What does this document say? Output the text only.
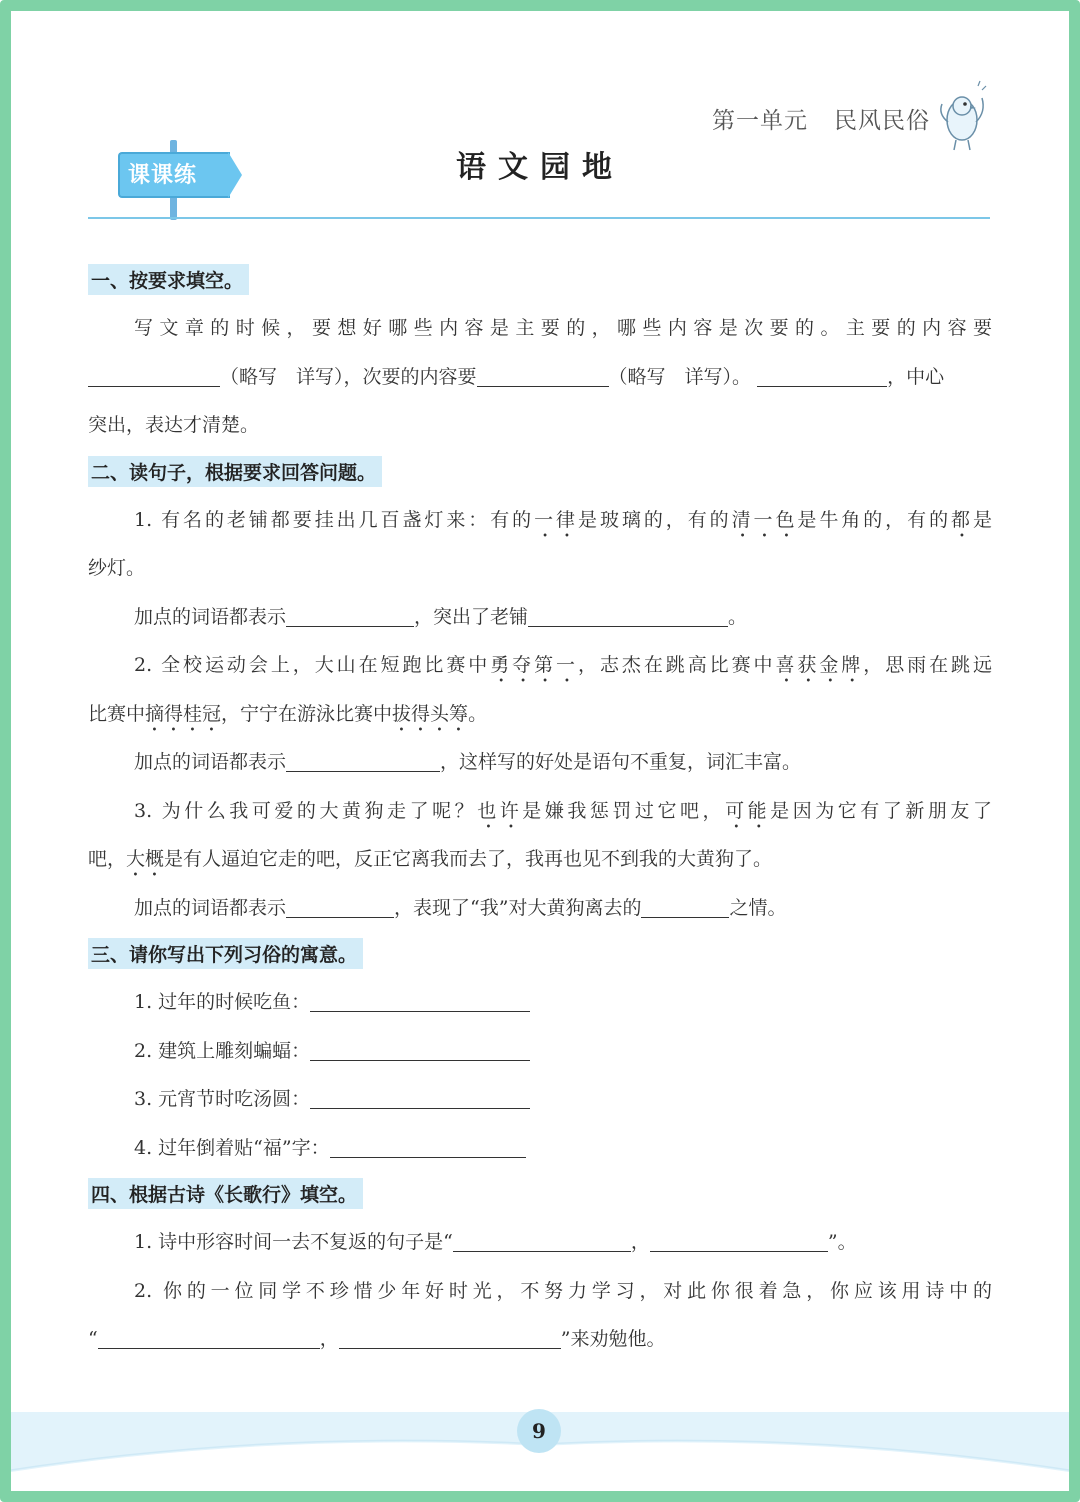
第一单元 民风民俗
课课练	语文园地
一、按要求填空。

写文章的时候，要想好哪些内容是主要的，哪些内容是次要的。主要的内容要

（略写　详写），次要的内容要	（略写　详写）。	，中心

突出，表达才清楚。

二、读句子，根据要求回答问题。

1. 有名的老铺都要挂出几百盏灯来：有的一律是玻璃的，有的清一色是牛角的，有的都是

纱灯。

加点的词语都表示	，突出了老铺	。

2. 全校运动会上，大山在短跑比赛中勇夺第一，志杰在跳高比赛中喜获金牌，思雨在跳远

比赛中摘得桂冠，宁宁在游泳比赛中拔得头筹。

加点的词语都表示	，这样写的好处是语句不重复，词汇丰富。

3. 为什么我可爱的大黄狗走了呢？也许是嫌我惩罚过它吧，可能是因为它有了新朋友了

吧，大概是有人逼迫它走的吧，反正它离我而去了，我再也见不到我的大黄狗了。

加点的词语都表示	，表现了“我”对大黄狗离去的	之情。

三、请你写出下列习俗的寓意。

1. 过年的时候吃鱼：

2. 建筑上雕刻蝙蝠：

3. 元宵节时吃汤圆：

4. 过年倒着贴“福”字：

四、根据古诗《长歌行》填空。

1. 诗中形容时间一去不复返的句子是“	，	”。

2. 你的一位同学不珍惜少年好时光，不努力学习，对此你很着急，你应该用诗中的

“	，	”来劝勉他。

9
